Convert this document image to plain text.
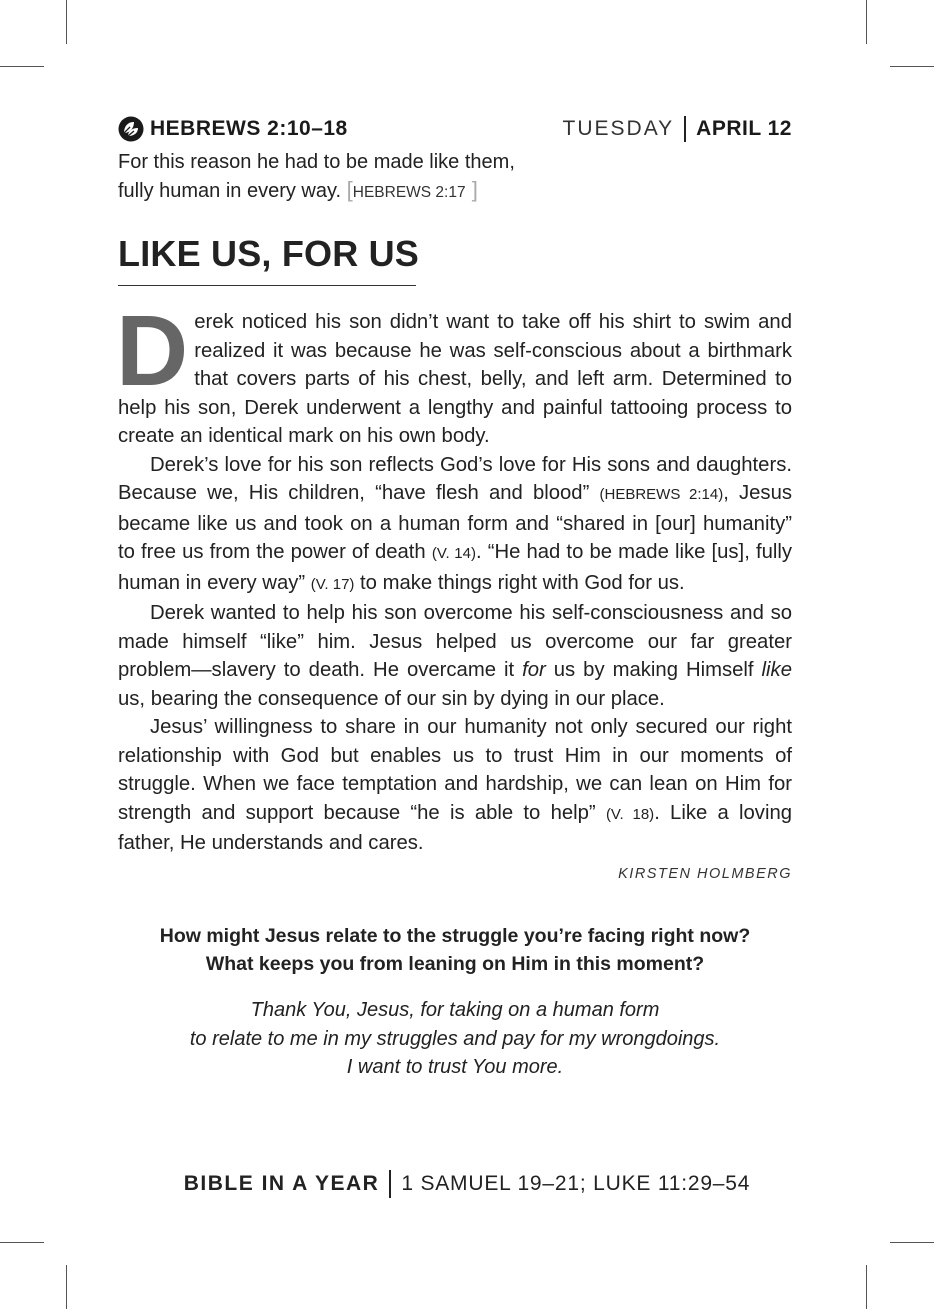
HEBREWS 2:10–18	TUESDAY APRIL 12
For this reason he had to be made like them,
fully human in every way. [HEBREWS 2:17 ]
LIKE US, FOR US

Derek noticed his son didn’t want to take off his shirt to swim and realized it was because he was self-conscious about a birthmark that covers parts of his chest, belly, and left arm. Determined to help his son, Derek underwent a lengthy and painful tattooing process to create an identical mark on his own body.

Derek’s love for his son reflects God’s love for His sons and daughters. Because we, His children, “have flesh and blood” (HEBREWS 2:14), Jesus became like us and took on a human form and “shared in [our] humanity” to free us from the power of death (V. 14). “He had to be made like [us], fully human in every way” (V. 17) to make things right with God for us.

Derek wanted to help his son overcome his self-consciousness and so made himself “like” him. Jesus helped us overcome our far greater problem—slavery to death. He overcame it for us by making Himself like us, bearing the consequence of our sin by dying in our place.

Jesus’ willingness to share in our humanity not only secured our right relationship with God but enables us to trust Him in our moments of struggle. When we face temptation and hardship, we can lean on Him for strength and support because “he is able to help” (V. 18). Like a loving father, He understands and cares.

KIRSTEN HOLMBERG
How might Jesus relate to the struggle you’re facing right now?
What keeps you from leaning on Him in this moment?
Thank You, Jesus, for taking on a human form
to relate to me in my struggles and pay for my wrongdoings.
I want to trust You more.
BIBLE IN A YEAR 1 SAMUEL 19–21; LUKE 11:29–54
